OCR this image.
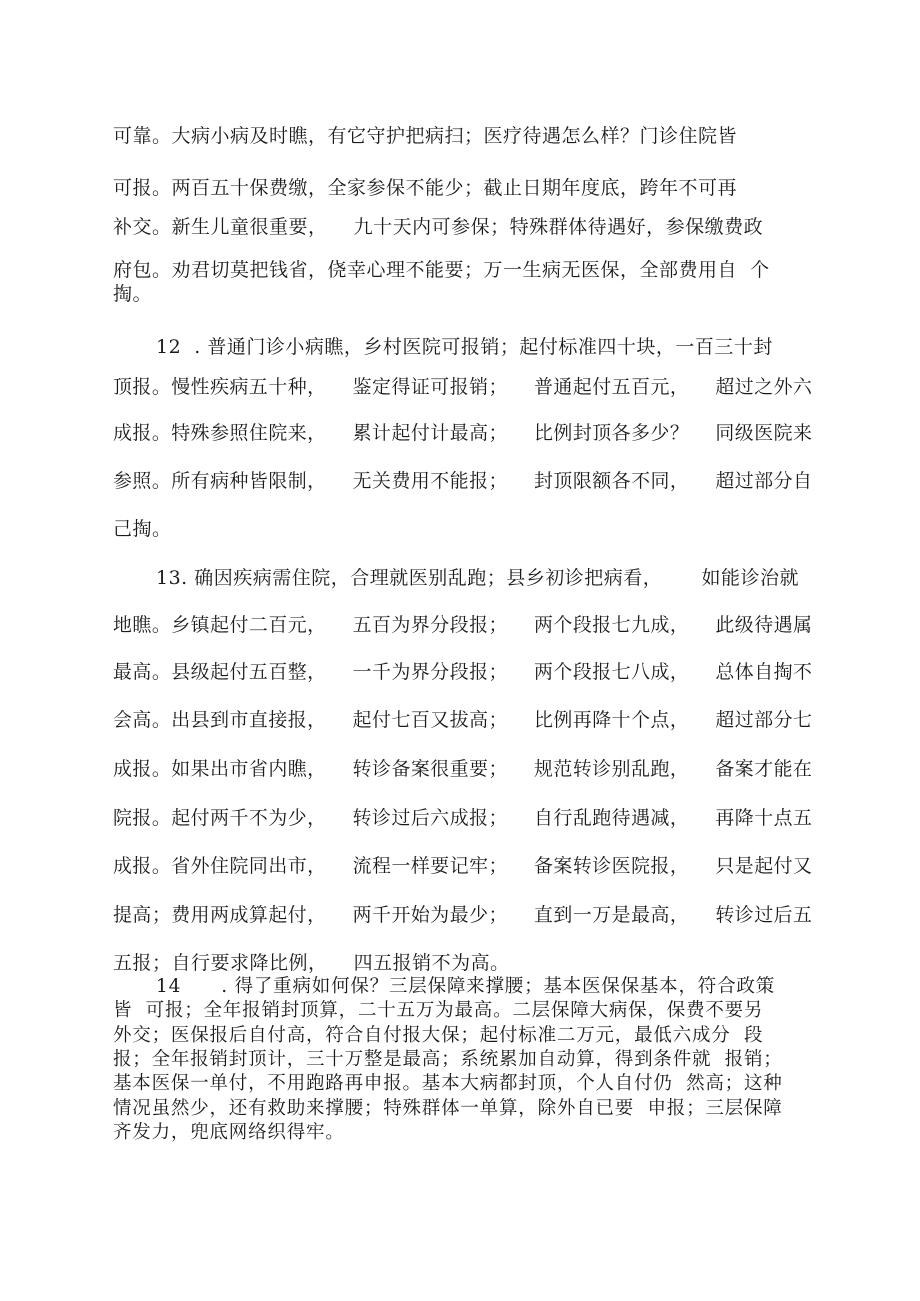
可靠。大病小病及时瞧，有它守护把病扫；医疗待遇怎么样？门诊住院皆
可报。两百五十保费缴，全家参保不能少；截止日期年度底，跨年不可再
补交。新生儿童很重要，    九十天内可参保；特殊群体待遇好，参保缴费政
府包。劝君切莫把钱省，侥幸心理不能要；万一生病无医保，全部费用自  个
掏。
12  . 普通门诊小病瞧，乡村医院可报销；起付标准四十块，一百三十封
顶报。慢性疾病五十种，    鉴定得证可报销；    普通起付五百元，    超过之外六
成报。特殊参照住院来，    累计起付计最高；    比例封顶各多少？    同级医院来
参照。所有病种皆限制，    无关费用不能报；    封顶限额各不同，    超过部分自
己掏。
13. 确因疾病需住院，合理就医别乱跑；县乡初诊把病看，      如能诊治就
地瞧。乡镇起付二百元，    五百为界分段报；    两个段报七九成，    此级待遇属
最高。县级起付五百整，    一千为界分段报；    两个段报七八成，    总体自掏不
会高。出县到市直接报，    起付七百又拔高；    比例再降十个点，    超过部分七
成报。如果出市省内瞧，    转诊备案很重要；    规范转诊别乱跑，    备案才能在
院报。起付两千不为少，    转诊过后六成报；    自行乱跑待遇减，    再降十点五
成报。省外住院同出市，    流程一样要记牢；    备案转诊医院报，    只是起付又
提高；费用两成算起付，    两千开始为最少；    直到一万是最高，    转诊过后五
五报；自行要求降比例，    四五报销不为高。
14      . 得了重病如何保？三层保障来撑腰；基本医保保基本，符合政策
皆  可报；全年报销封顶算，二十五万为最高。二层保障大病保，保费不要另
外交；医保报后自付高，符合自付报大保；起付标准二万元，最低六成分  段
报；全年报销封顶计，三十万整是最高；系统累加自动算，得到条件就  报销；
基本医保一单付，不用跑路再申报。基本大病都封顶，个人自付仍  然高；这种
情况虽然少，还有救助来撑腰；特殊群体一单算，除外自已要  申报；三层保障
齐发力，兜底网络织得牢。
